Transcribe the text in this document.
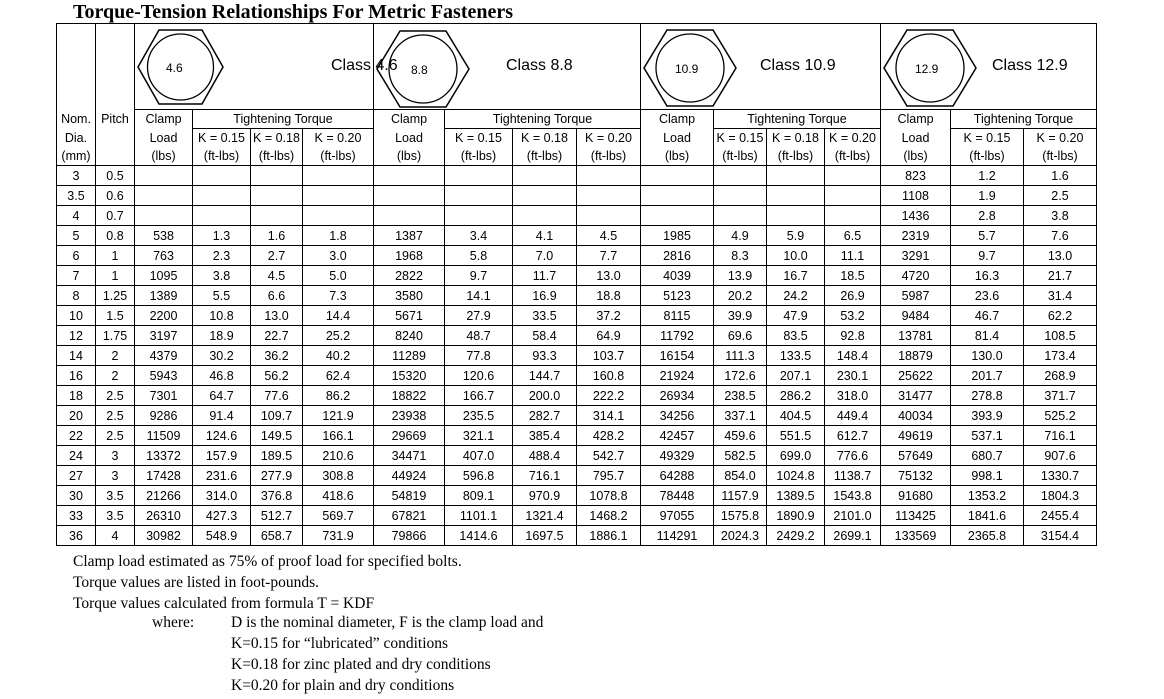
Torque-Tension Relationships For Metric Fasteners

		4.6 Class 4.6				8.8 Class 8.8				10.9 Class 10.9				12.9 Class 12.9		

Nom.	Pitch	Clamp	Tightening Torque			Clamp	Tightening Torque			Clamp	Tightening Torque			Clamp	Tightening Torque	
Dia.		Load	K = 0.15	K = 0.18	K = 0.20	Load	K = 0.15	K = 0.18	K = 0.20	Load	K = 0.15	K = 0.18	K = 0.20	Load	K = 0.15	K = 0.20
(mm)		(lbs)	(ft-lbs)	(ft-lbs)	(ft-lbs)	(lbs)	(ft-lbs)	(ft-lbs)	(ft-lbs)	(lbs)	(ft-lbs)	(ft-lbs)	(ft-lbs)	(lbs)	(ft-lbs)	(ft-lbs)
3	0.5													823	1.2	1.6
3.5	0.6													1108	1.9	2.5
4	0.7													1436	2.8	3.8
5	0.8	538	1.3	1.6	1.8	1387	3.4	4.1	4.5	1985	4.9	5.9	6.5	2319	5.7	7.6
6	1	763	2.3	2.7	3.0	1968	5.8	7.0	7.7	2816	8.3	10.0	11.1	3291	9.7	13.0
7	1	1095	3.8	4.5	5.0	2822	9.7	11.7	13.0	4039	13.9	16.7	18.5	4720	16.3	21.7
8	1.25	1389	5.5	6.6	7.3	3580	14.1	16.9	18.8	5123	20.2	24.2	26.9	5987	23.6	31.4
10	1.5	2200	10.8	13.0	14.4	5671	27.9	33.5	37.2	8115	39.9	47.9	53.2	9484	46.7	62.2
12	1.75	3197	18.9	22.7	25.2	8240	48.7	58.4	64.9	11792	69.6	83.5	92.8	13781	81.4	108.5
14	2	4379	30.2	36.2	40.2	11289	77.8	93.3	103.7	16154	111.3	133.5	148.4	18879	130.0	173.4
16	2	5943	46.8	56.2	62.4	15320	120.6	144.7	160.8	21924	172.6	207.1	230.1	25622	201.7	268.9
18	2.5	7301	64.7	77.6	86.2	18822	166.7	200.0	222.2	26934	238.5	286.2	318.0	31477	278.8	371.7
20	2.5	9286	91.4	109.7	121.9	23938	235.5	282.7	314.1	34256	337.1	404.5	449.4	40034	393.9	525.2
22	2.5	11509	124.6	149.5	166.1	29669	321.1	385.4	428.2	42457	459.6	551.5	612.7	49619	537.1	716.1
24	3	13372	157.9	189.5	210.6	34471	407.0	488.4	542.7	49329	582.5	699.0	776.6	57649	680.7	907.6
27	3	17428	231.6	277.9	308.8	44924	596.8	716.1	795.7	64288	854.0	1024.8	1138.7	75132	998.1	1330.7
30	3.5	21266	314.0	376.8	418.6	54819	809.1	970.9	1078.8	78448	1157.9	1389.5	1543.8	91680	1353.2	1804.3
33	3.5	26310	427.3	512.7	569.7	67821	1101.1	1321.4	1468.2	97055	1575.8	1890.9	2101.0	113425	1841.6	2455.4
36	4	30982	548.9	658.7	731.9	79866	1414.6	1697.5	1886.1	114291	2024.3	2429.2	2699.1	133569	2365.8	3154.4
Clamp load estimated as 75% of proof load for specified bolts.
Torque values are listed in foot-pounds.
Torque values calculated from formula T = KDF
where: D is the nominal diameter, F is the clamp load and
K=0.15 for “lubricated” conditions
K=0.18 for zinc plated and dry conditions
K=0.20 for plain and dry conditions
